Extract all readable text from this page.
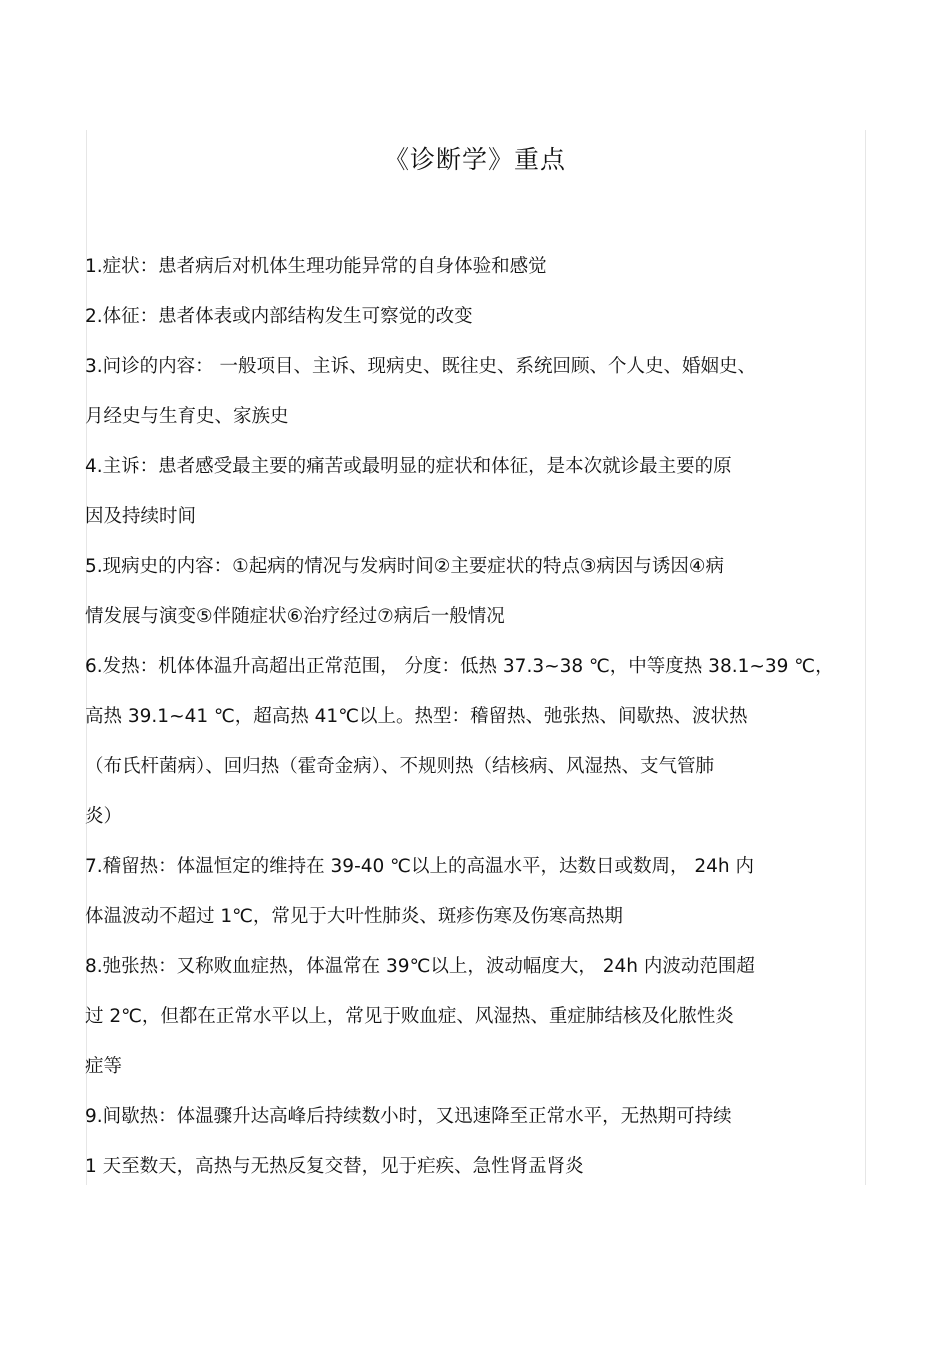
《诊断学》重点
1.症状：患者病后对机体生理功能异常的自身体验和感觉
2.体征：患者体表或内部结构发生可察觉的改变
3.问诊的内容： 一般项目、主诉、现病史、既往史、系统回顾、个人史、婚姻史、
月经史与生育史、家族史
4.主诉：患者感受最主要的痛苦或最明显的症状和体征，是本次就诊最主要的原
因及持续时间
5.现病史的内容：①起病的情况与发病时间②主要症状的特点③病因与诱因④病
情发展与演变⑤伴随症状⑥治疗经过⑦病后一般情况
6.发热：机体体温升高超出正常范围， 分度：低热 37.3~38 ℃，中等度热 38.1~39 ℃，
高热 39.1~41 ℃，超高热 41℃以上。热型：稽留热、弛张热、间歇热、波状热
（布氏杆菌病）、回归热（霍奇金病）、不规则热（结核病、风湿热、支气管肺
炎）
7.稽留热：体温恒定的维持在 39-40 ℃以上的高温水平，达数日或数周， 24h 内
体温波动不超过 1℃，常见于大叶性肺炎、斑疹伤寒及伤寒高热期
8.弛张热：又称败血症热，体温常在 39℃以上，波动幅度大， 24h 内波动范围超
过 2℃，但都在正常水平以上，常见于败血症、风湿热、重症肺结核及化脓性炎
症等
9.间歇热：体温骤升达高峰后持续数小时，又迅速降至正常水平，无热期可持续
1 天至数天，高热与无热反复交替，见于疟疾、急性肾盂肾炎
